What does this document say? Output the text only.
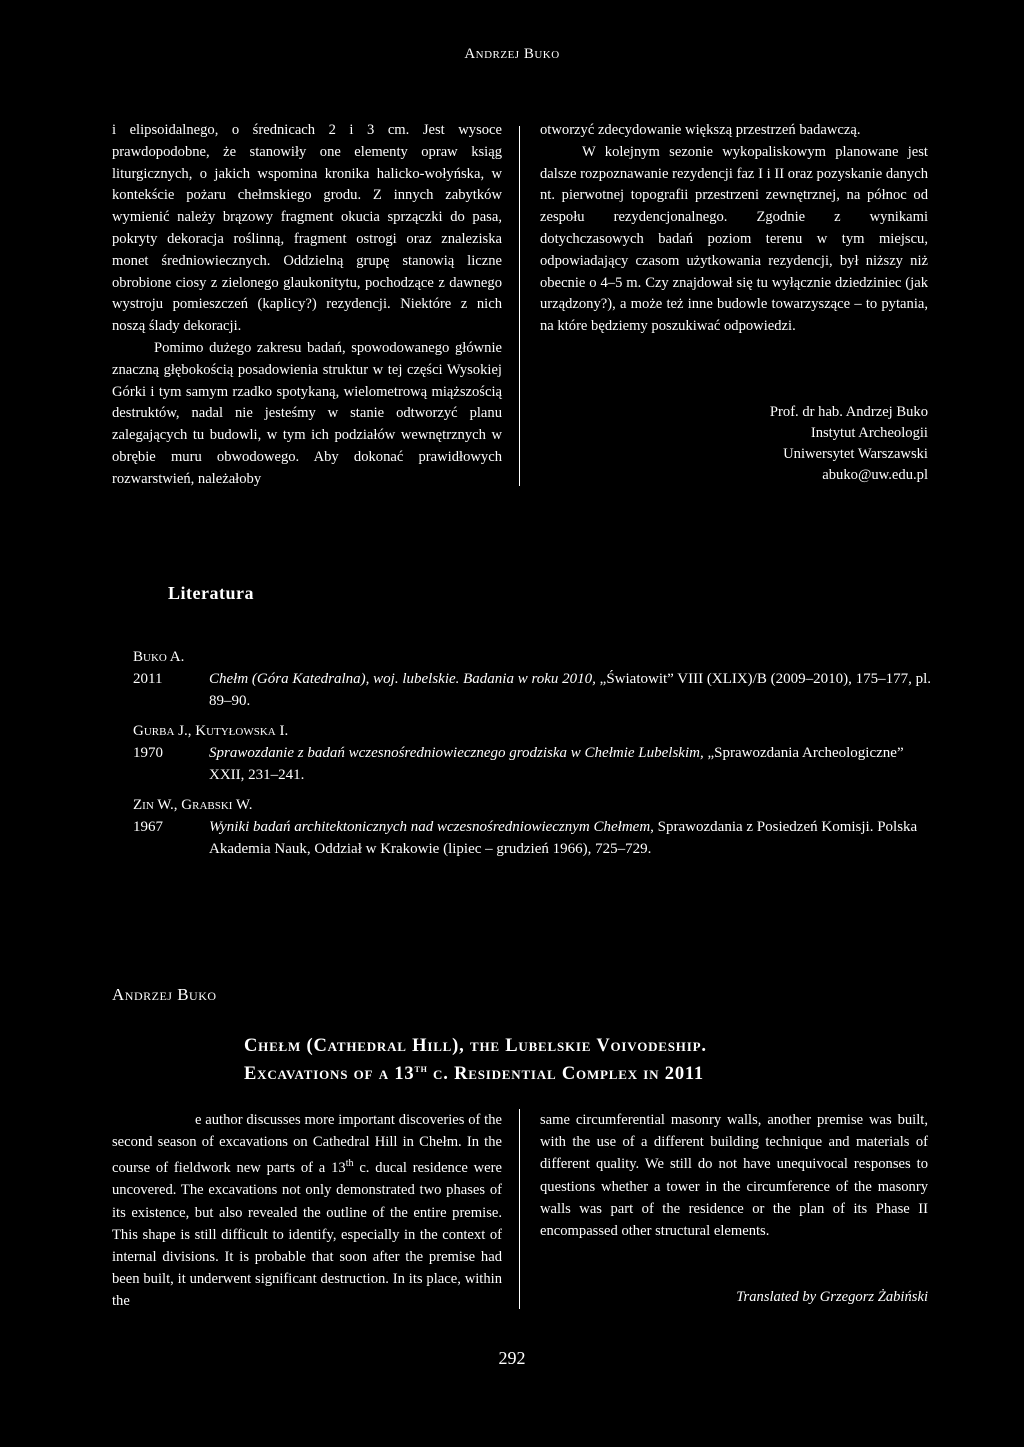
Andrzej Buko

i elipsoidalnego, o średnicach 2 i 3 cm. Jest wysoce prawdopodobne, że stanowiły one elementy opraw ksiąg liturgicznych, o jakich wspomina kronika halicko-wołyńska, w kontekście pożaru chełmskiego grodu. Z innych zabytków wymienić należy brązowy fragment okucia sprzączki do pasa, pokryty dekoracja roślinną, fragment ostrogi oraz znaleziska monet średniowiecznych. Oddzielną grupę stanowią liczne obrobione ciosy z zielonego glaukonitytu, pochodzące z dawnego wystroju pomieszczeń (kaplicy?) rezydencji. Niektóre z nich noszą ślady dekoracji.

Pomimo dużego zakresu badań, spowodowanego głównie znaczną głębokością posadowienia struktur w tej części Wysokiej Górki i tym samym rzadko spotykaną, wielometrową miąższością destruktów, nadal nie jesteśmy w stanie odtworzyć planu zalegających tu budowli, w tym ich podziałów wewnętrznych w obrębie muru obwodowego. Aby dokonać prawidłowych rozwarstwień, należałoby

otworzyć zdecydowanie większą przestrzeń badawczą.

W kolejnym sezonie wykopaliskowym planowane jest dalsze rozpoznawanie rezydencji faz I i II oraz pozyskanie danych nt. pierwotnej topografii przestrzeni zewnętrznej, na północ od zespołu rezydencjonalnego. Zgodnie z wynikami dotychczasowych badań poziom terenu w tym miejscu, odpowiadający czasom użytkowania rezydencji, był niższy niż obecnie o 4–5 m. Czy znajdował się tu wyłącznie dziedziniec (jak urządzony?), a może też inne budowle towarzyszące – to pytania, na które będziemy poszukiwać odpowiedzi.

Prof. dr hab. Andrzej Buko
Instytut Archeologii
Uniwersytet Warszawski
abuko@uw.edu.pl
Literatura
Buko A.
2011	Chełm (Góra Katedralna), woj. lubelskie. Badania w roku 2010, „Światowit” VIII (XLIX)/B (2009–2010), 175–177, pl. 89–90.
Gurba J., Kutyłowska I.
1970	Sprawozdanie z badań wczesnośredniowiecznego grodziska w Chełmie Lubelskim, „Sprawozdania Archeologiczne” XXII, 231–241.
Zin W., Grabski W.
1967	Wyniki badań architektonicznych nad wczesnośredniowiecznym Chełmem, Sprawozdania z Posiedzeń Komisji. Polska Akademia Nauk, Oddział w Krakowie (lipiec – grudzień 1966), 725–729.
Andrzej Buko
Chełm (Cathedral Hill), the Lubelskie Voivodeship.
Excavations of a 13th c. Residential Complex in 2011

e author discusses more important discoveries of the second season of excavations on Cathedral Hill in Chełm. In the course of fieldwork new parts of a 13th c. ducal residence were uncovered. The excavations not only demonstrated two phases of its existence, but also revealed the outline of the entire premise. This shape is still difficult to identify, especially in the context of internal divisions. It is probable that soon after the premise had been built, it underwent significant destruction. In its place, within the

same circumferential masonry walls, another premise was built, with the use of a different building technique and materials of different quality. We still do not have unequivocal responses to questions whether a tower in the circumference of the masonry walls was part of the residence or the plan of its Phase II encompassed other structural elements.

Translated by Grzegorz Żabiński
292
